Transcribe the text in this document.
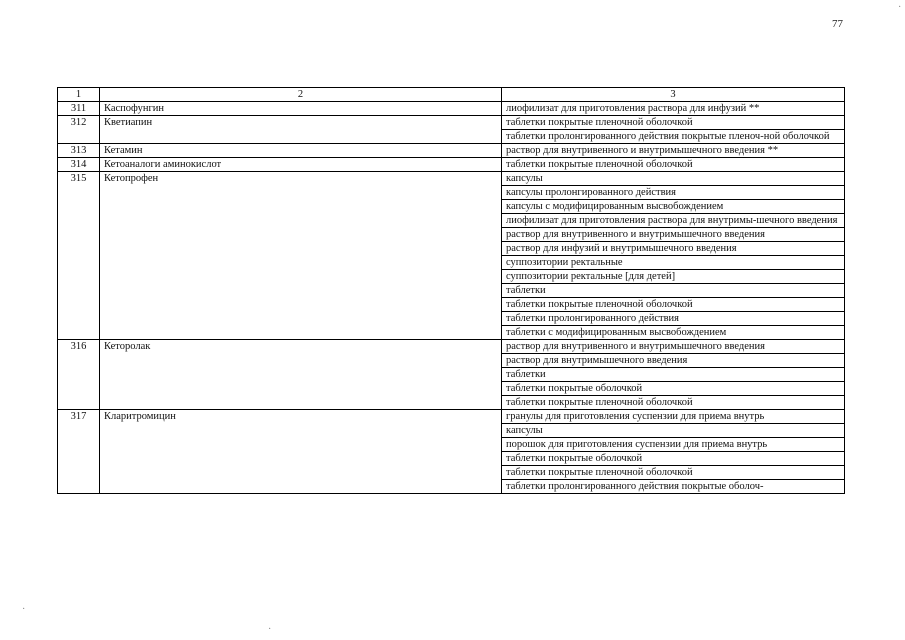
77
1	2	3
311	Каспофунгин	лиофилизат для приготовления раствора для инфузий **
312	Кветиапин	таблетки покрытые пленочной оболочкой
		таблетки пролонгированного действия покрытые пленоч-ной оболочкой
313	Кетамин	раствор для внутривенного и внутримышечного введения **
314	Кетоаналоги аминокислот	таблетки покрытые пленочной оболочкой
315	Кетопрофен	капсулы
		капсулы пролонгированного действия
		капсулы с модифицированным высвобождением
		лиофилизат для приготовления раствора для внутримы-шечного введения
		раствор для внутривенного и внутримышечного введения
		раствор для инфузий и внутримышечного введения
		суппозитории ректальные
		суппозитории ректальные [для детей]
		таблетки
		таблетки покрытые пленочной оболочкой
		таблетки пролонгированного действия
		таблетки с модифицированным высвобождением
316	Кеторолак	раствор для внутривенного и внутримышечного введения
		раствор для внутримышечного введения
		таблетки
		таблетки покрытые оболочкой
		таблетки покрытые пленочной оболочкой
317	Кларитромицин	гранулы для приготовления суспензии для приема внутрь
		капсулы
		порошок для приготовления суспензии для приема внутрь
		таблетки покрытые оболочкой
		таблетки покрытые пленочной оболочкой
		таблетки пролонгированного действия покрытые оболоч-
·
·
·
